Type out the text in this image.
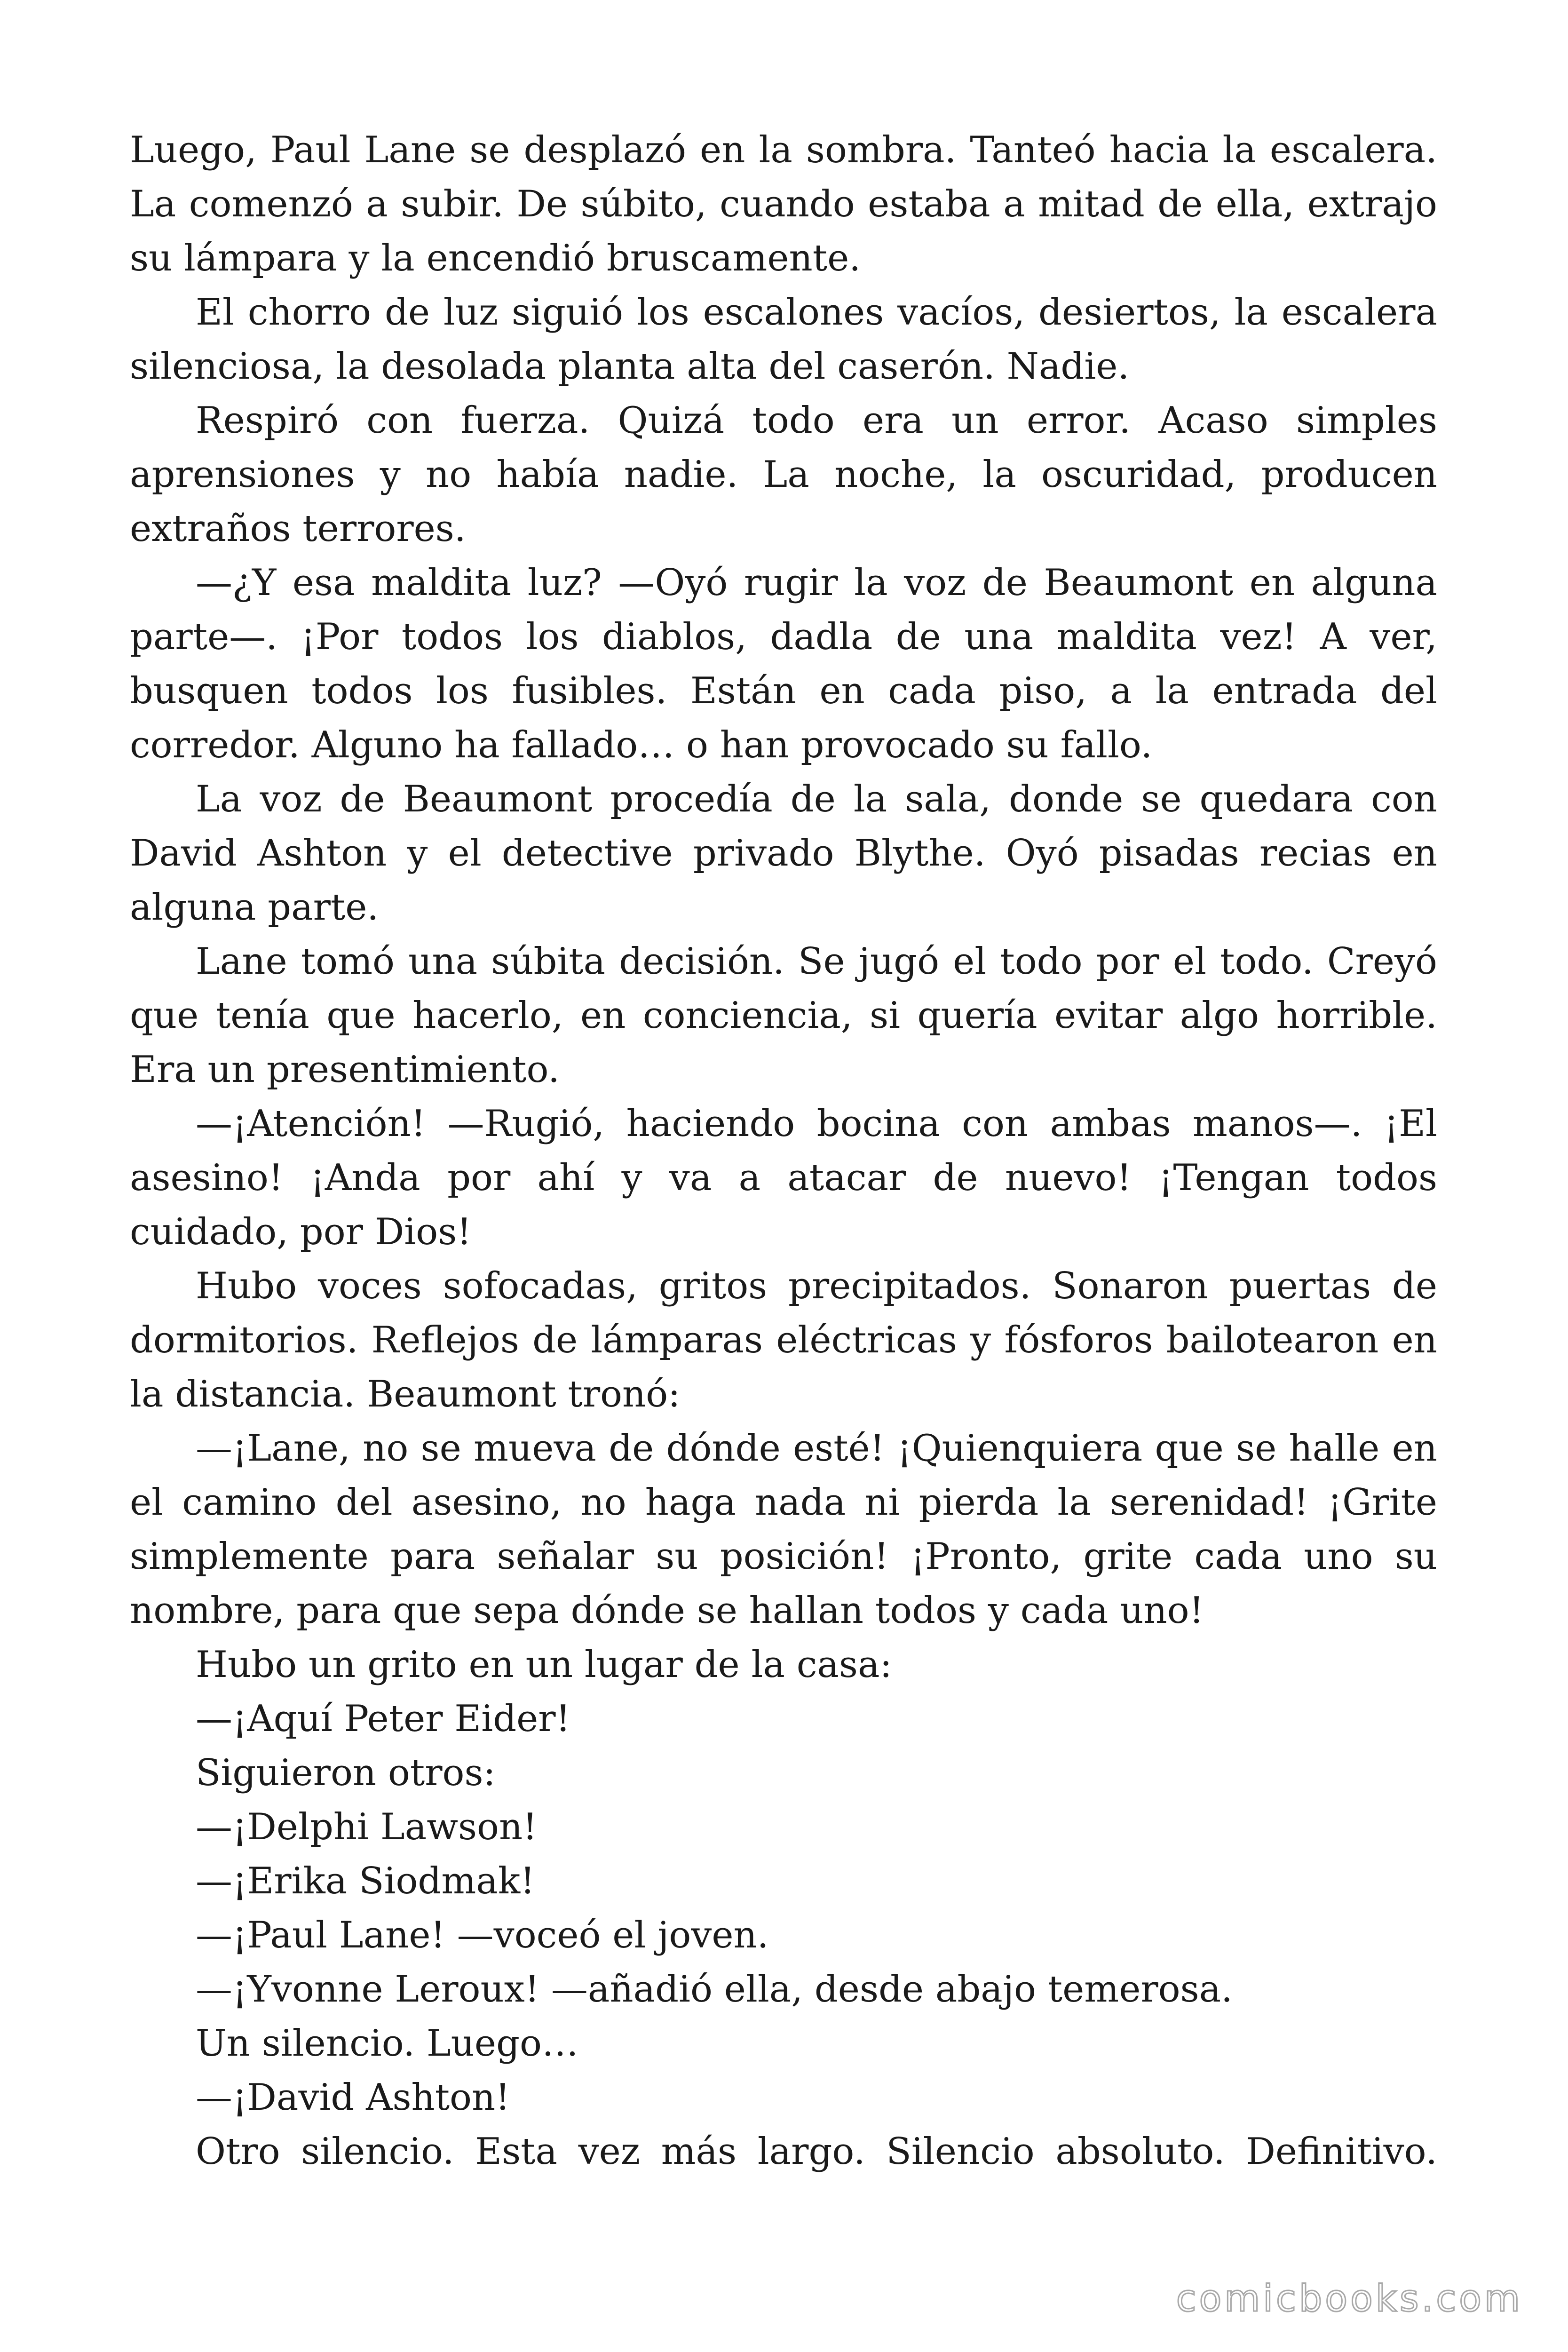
Luego, Paul Lane se desplazó en la sombra. Tanteó hacia la escalera. La comenzó a subir. De súbito, cuando estaba a mitad de ella, extrajo su lámpara y la encendió bruscamente.

El chorro de luz siguió los escalones vacíos, desiertos, la escalera silenciosa, la desolada planta alta del caserón. Nadie.

Respiró con fuerza. Quizá todo era un error. Acaso simples aprensiones y no había nadie. La noche, la oscuridad, producen extraños terrores.

—¿Y esa maldita luz? —Oyó rugir la voz de Beaumont en alguna parte—. ¡Por todos los diablos, dadla de una maldita vez! A ver, busquen todos los fusibles. Están en cada piso, a la entrada del corredor. Alguno ha fallado… o han provocado su fallo.

La voz de Beaumont procedía de la sala, donde se quedara con David Ashton y el detective privado Blythe. Oyó pisadas recias en alguna parte.

Lane tomó una súbita decisión. Se jugó el todo por el todo. Creyó que tenía que hacerlo, en conciencia, si quería evitar algo horrible. Era un presentimiento.

—¡Atención! —Rugió, haciendo bocina con ambas manos—. ¡El asesino! ¡Anda por ahí y va a atacar de nuevo! ¡Tengan todos cuidado, por Dios!

Hubo voces sofocadas, gritos precipitados. Sonaron puertas de dormitorios. Reflejos de lámparas eléctricas y fósforos bailotearon en la distancia. Beaumont tronó:

—¡Lane, no se mueva de dónde esté! ¡Quienquiera que se halle en el camino del asesino, no haga nada ni pierda la serenidad! ¡Grite simplemente para señalar su posición! ¡Pronto, grite cada uno su nombre, para que sepa dónde se hallan todos y cada uno!

Hubo un grito en un lugar de la casa:

—¡Aquí Peter Eider!

Siguieron otros:

—¡Delphi Lawson!

—¡Erika Siodmak!

—¡Paul Lane! —voceó el joven.

—¡Yvonne Leroux! —añadió ella, desde abajo temerosa.

Un silencio. Luego…

—¡David Ashton!

Otro silencio. Esta vez más largo. Silencio absoluto. Definitivo.

comicbooks.com
